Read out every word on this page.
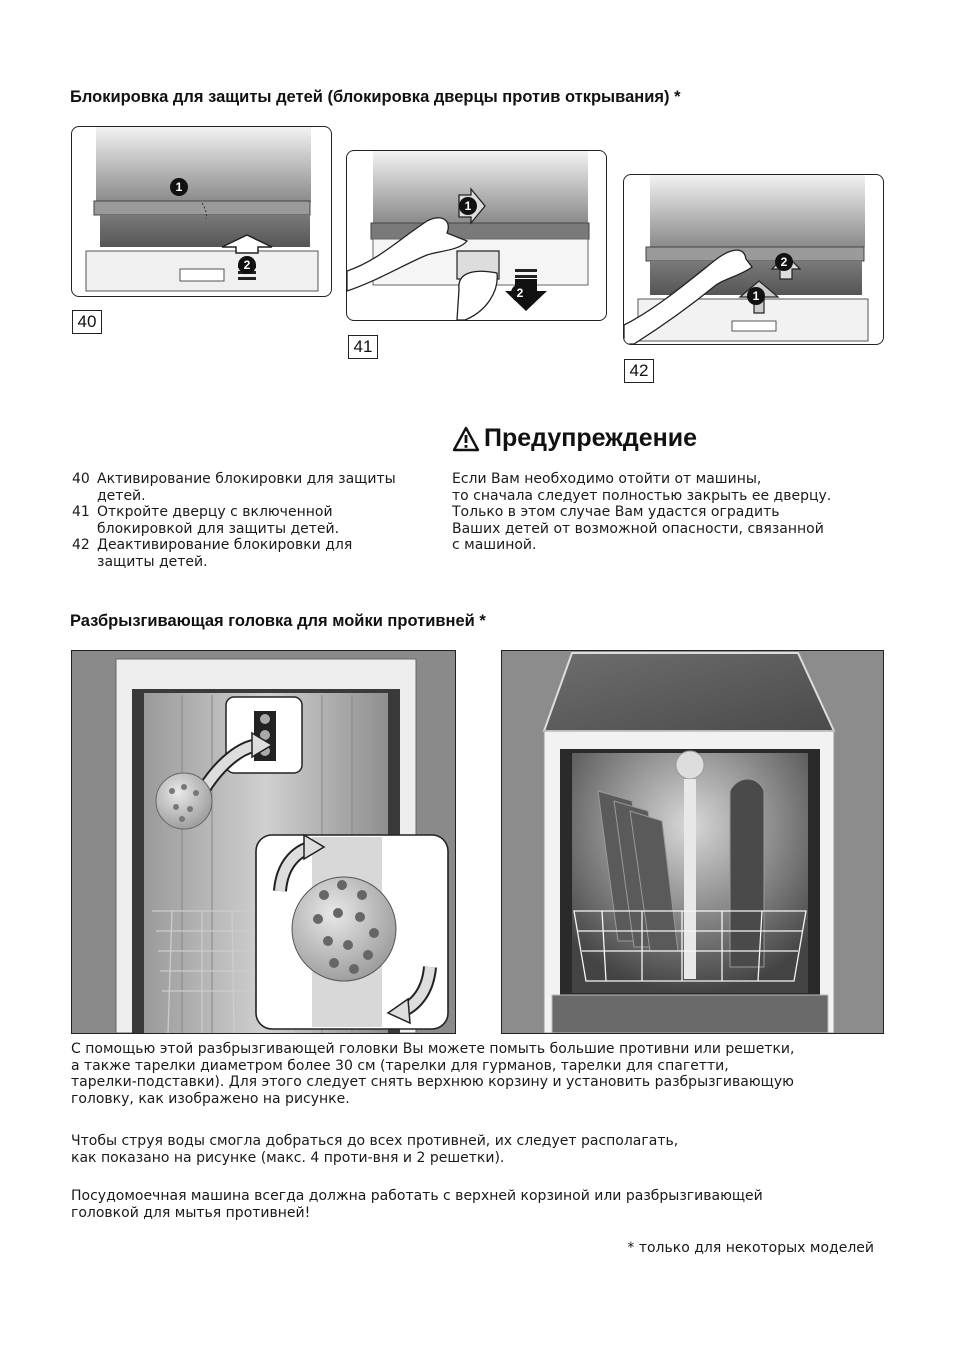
Блокировка для защиты детей (блокировка дверцы против открывания) *
1
2
40
1
2
41
2
1
42
Предупреждение
Если Вам необходимо отойти от машины,
то сначала следует полностью закрыть ее дверцу.
Только в этом случае Вам удастся оградить
Ваших детей от возможной опасности, связанной
с машиной.
40 Активирование блокировки для защиты детей.
41 Откройте дверцу с включенной блокировкой для защиты детей.
42 Деактивирование блокировки для защиты детей.
Разбрызгивающая головка для мойки противней *
С помощью этой разбрызгивающей головки Вы можете помыть большие противни или решетки,
а также тарелки диаметром более 30 см (тарелки для гурманов, тарелки для спагетти,
тарелки-подставки). Для этого следует снять верхнюю корзину и установить разбрызгивающую
головку, как изображено на рисунке.
Чтобы струя воды смогла добраться до всех противней, их следует располагать,
как показано на рисунке (макс. 4 проти-вня и 2 решетки).
Посудомоечная машина всегда должна работать с верхней корзиной или разбрызгивающей
головкой для мытья противней!
* только для некоторых моделей
